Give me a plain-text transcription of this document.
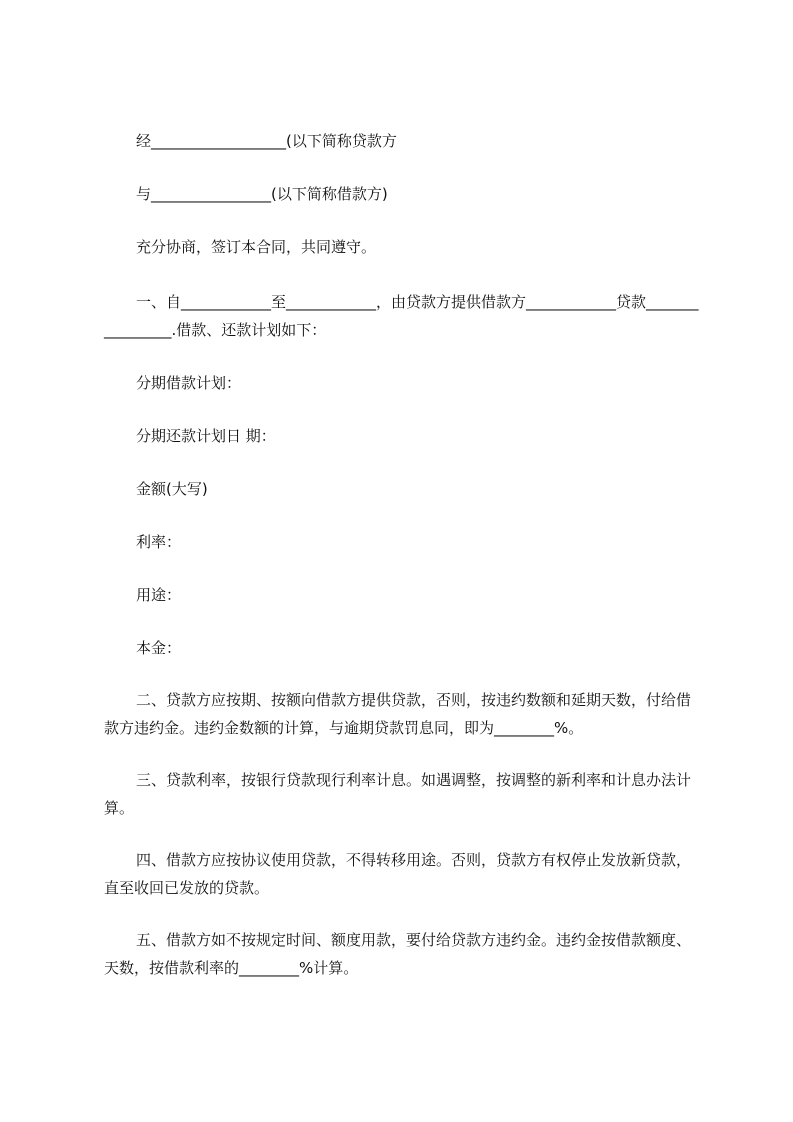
经__________________(以下简称贷款方
与________________(以下简称借款方)
充分协商，签订本合同，共同遵守。
一、自____________至____________，由贷款方提供借款方____________贷款________________.借款、还款计划如下：
分期借款计划：
分期还款计划日 期：
金额(大写)
利率：
用途：
本金：
二、贷款方应按期、按额向借款方提供贷款，否则，按违约数额和延期天数，付给借款方违约金。违约金数额的计算，与逾期贷款罚息同，即为________%。
三、贷款利率，按银行贷款现行利率计息。如遇调整，按调整的新利率和计息办法计算。
四、借款方应按协议使用贷款，不得转移用途。否则，贷款方有权停止发放新贷款，直至收回已发放的贷款。
五、借款方如不按规定时间、额度用款，要付给贷款方违约金。违约金按借款额度、天数，按借款利率的________%计算。
